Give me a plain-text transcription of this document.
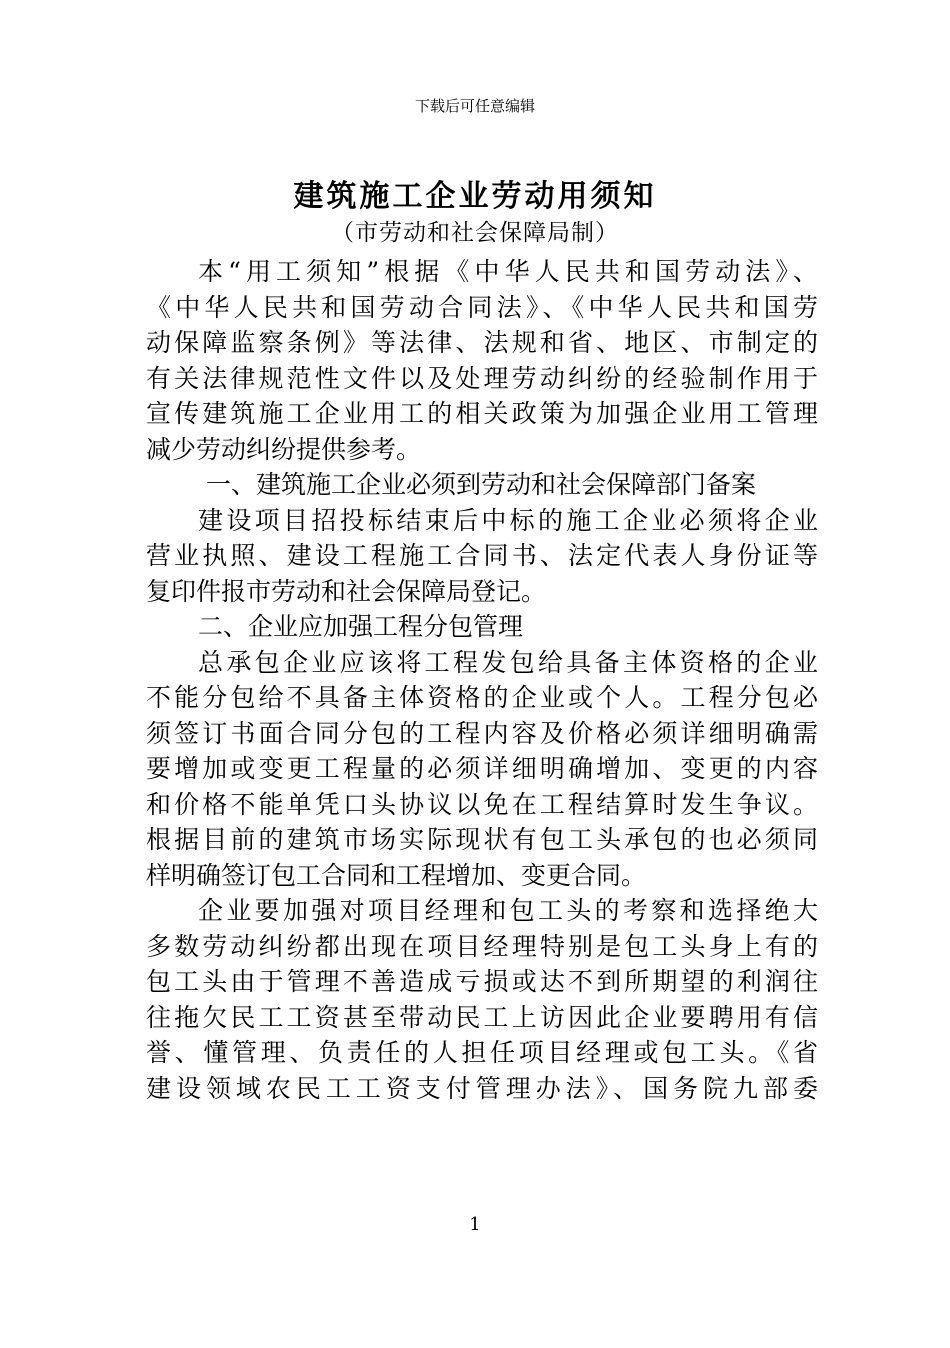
下载后可任意编辑
建筑施工企业劳动用须知
（市劳动和社会保障局制）
本“用工须知”根据《中华人民共和国劳动法》、
《中华人民共和国劳动合同法》、《中华人民共和国劳
动保障监察条例》等法律、法规和省、地区、市制定的
有关法律规范性文件以及处理劳动纠纷的经验制作用于
宣传建筑施工企业用工的相关政策为加强企业用工管理
减少劳动纠纷提供参考。
一、建筑施工企业必须到劳动和社会保障部门备案
建设项目招投标结束后中标的施工企业必须将企业
营业执照、建设工程施工合同书、法定代表人身份证等
复印件报市劳动和社会保障局登记。
二、企业应加强工程分包管理
总承包企业应该将工程发包给具备主体资格的企业
不能分包给不具备主体资格的企业或个人。工程分包必
须签订书面合同分包的工程内容及价格必须详细明确需
要增加或变更工程量的必须详细明确增加、变更的内容
和价格不能单凭口头协议以免在工程结算时发生争议。
根据目前的建筑市场实际现状有包工头承包的也必须同
样明确签订包工合同和工程增加、变更合同。
企业要加强对项目经理和包工头的考察和选择绝大
多数劳动纠纷都出现在项目经理特别是包工头身上有的
包工头由于管理不善造成亏损或达不到所期望的利润往
往拖欠民工工资甚至带动民工上访因此企业要聘用有信
誉、懂管理、负责任的人担任项目经理或包工头。《省
建设领域农民工工资支付管理办法》、国务院九部委
1
